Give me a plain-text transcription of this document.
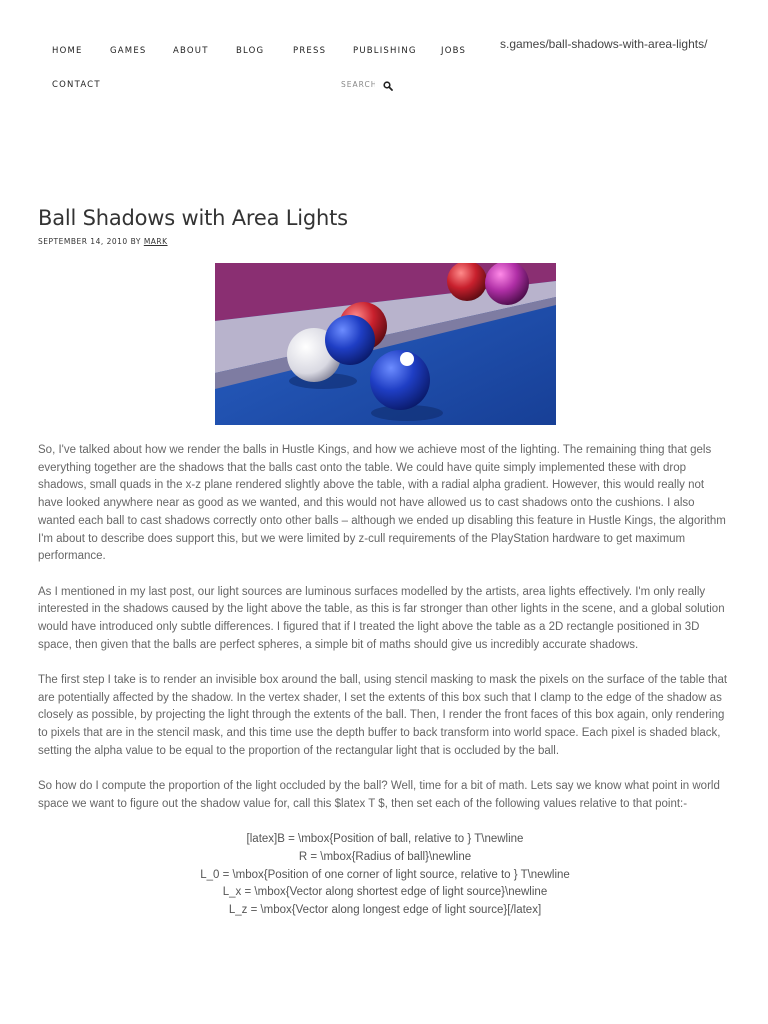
HOME	GAMES	ABOUT	BLOG	PRESS	PUBLISHING	JOBS
CONTACT
s.games/ball-shadows-with-area-lights/
Search
Ball Shadows with Area Lights
SEPTEMBER 14, 2010 BY MARK

So, I've talked about how we render the balls in Hustle Kings, and how we achieve most of the lighting. The remaining thing that gels everything together are the shadows that the balls cast onto the table. We could have quite simply implemented these with drop shadows, small quads in the x-z plane rendered slightly above the table, with a radial alpha gradient. However, this would really not have looked anywhere near as good as we wanted, and this would not have allowed us to cast shadows onto the cushions. I also wanted each ball to cast shadows correctly onto other balls – although we ended up disabling this feature in Hustle Kings, the algorithm I'm about to describe does support this, but we were limited by z-cull requirements of the PlayStation hardware to get maximum performance.

As I mentioned in my last post, our light sources are luminous surfaces modelled by the artists, area lights effectively. I'm only really interested in the shadows caused by the light above the table, as this is far stronger than other lights in the scene, and a global solution would have introduced only subtle differences. I figured that if I treated the light above the table as a 2D rectangle positioned in 3D space, then given that the balls are perfect spheres, a simple bit of maths should give us incredibly accurate shadows.

The first step I take is to render an invisible box around the ball, using stencil masking to mask the pixels on the surface of the table that are potentially affected by the shadow. In the vertex shader, I set the extents of this box such that I clamp to the edge of the shadow as closely as possible, by projecting the light through the extents of the ball. Then, I render the front faces of this box again, only rendering to pixels that are in the stencil mask, and this time use the depth buffer to back transform into world space. Each pixel is shaded black, setting the alpha value to be equal to the proportion of the rectangular light that is occluded by the ball.

So how do I compute the proportion of the light occluded by the ball? Well, time for a bit of math. Lets say we know what point in world space we want to figure out the shadow value for, call this $latex T $, then set each of the following values relative to that point:-

[latex]B = \mbox{Position of ball, relative to } T\newline
R = \mbox{Radius of ball}\newline
L_0 = \mbox{Position of one corner of light source, relative to } T\newline
L_x = \mbox{Vector along shortest edge of light source}\newline
L_z = \mbox{Vector along longest edge of light source}[/latex]
